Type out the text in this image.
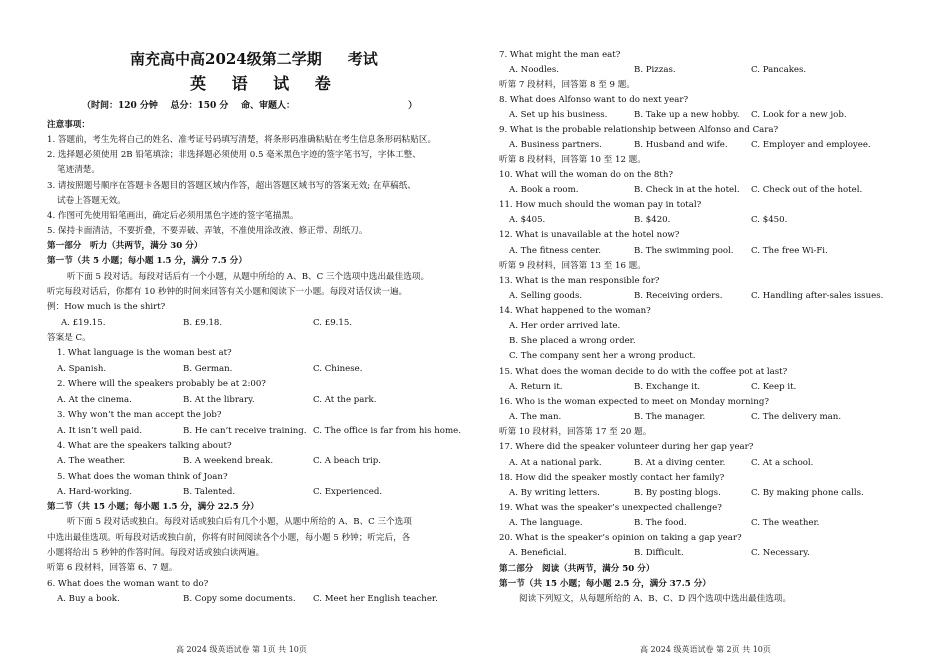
南充高中高2024级第二学期 考试
英 语 试 卷
（时间：120 分钟 总分：150 分 命、审题人：	）
注意事项：
1. 答题前，考生先将自己的姓名、准考证号码填写清楚，将条形码准确粘贴在考生信息条形码粘贴区。
2. 选择题必须使用 2B 铅笔填涂；非选择题必须使用 0.5 毫米黑色字迹的签字笔书写，字体工整、
笔迹清楚。
3. 请按照题号顺序在答题卡各题目的答题区域内作答，超出答题区域书写的答案无效; 在草稿纸、
试卷上答题无效。
4. 作图可先使用铅笔画出，确定后必须用黑色字迹的签字笔描黑。
5. 保持卡面清洁，不要折叠，不要弄破、弄皱，不准使用涂改液、修正带、刮纸刀。
第一部分　听力（共两节，满分 30 分）
第一节（共 5 小题；每小题 1.5 分，满分 7.5 分）
听下面 5 段对话。每段对话后有一个小题，从题中所给的 A、B、C 三个选项中选出最佳选项。
听完每段对话后，你都有 10 秒钟的时间来回答有关小题和阅读下一小题。每段对话仅读一遍。
例：How much is the shirt?
A. £19.15.	B. £9.18.	C. £9.15.
答案是 C。
1. What language is the woman best at?
A. Spanish.	B. German.	C. Chinese.
2. Where will the speakers probably be at 2:00?
A. At the cinema.	B. At the library.	C. At the park.
3. Why won’t the man accept the job?
A. It isn’t well paid.	B. He can’t receive training. C. The office is far from his home.
4. What are the speakers talking about?
A. The weather.	B. A weekend break.	C. A beach trip.
5. What does the woman think of Joan?
A. Hard-working.	B. Talented.	C. Experienced.
第二节（共 15 小题；每小题 1.5 分，满分 22.5 分）
听下面 5 段对话或独白。每段对话或独白后有几个小题，从题中所给的 A、B、C 三个选项
中选出最佳选项。听每段对话或独白前，你将有时间阅读各个小题，每小题 5 秒钟；听完后，各
小题将给出 5 秒钟的作答时间。每段对话或独白读两遍。
听第 6 段材料，回答第 6、7 题。
6. What does the woman want to do?
A. Buy a book.	B. Copy some documents. C. Meet her English teacher.
高 2024 级英语试卷 第 1页 共 10页
7. What might the man eat?
A. Noodles.	B. Pizzas.	C. Pancakes.
听第 7 段材料，回答第 8 至 9 题。
8. What does Alfonso want to do next year?
A. Set up his business.	B. Take up a new hobby. C. Look for a new job.
9. What is the probable relationship between Alfonso and Cara?
A. Business partners.	B. Husband and wife.	C. Employer and employee.
听第 8 段材料，回答第 10 至 12 题。
10. What will the woman do on the 8th?
A. Book a room.	B. Check in at the hotel. C. Check out of the hotel.
11. How much should the woman pay in total?
A. $405.	B. $420.	C. $450.
12. What is unavailable at the hotel now?
A. The fitness center.	B. The swimming pool. C. The free Wi-Fi.
听第 9 段材料，回答第 13 至 16 题。
13. What is the man responsible for?
A. Selling goods.	B. Receiving orders.	C. Handling after-sales issues.
14. What happened to the woman?
A. Her order arrived late.
B. She placed a wrong order.
C. The company sent her a wrong product.
15. What does the woman decide to do with the coffee pot at last?
A. Return it.	B. Exchange it.	C. Keep it.
16. Who is the woman expected to meet on Monday morning?
A. The man.	B. The manager.	C. The delivery man.
听第 10 段材料，回答第 17 至 20 题。
17. Where did the speaker volunteer during her gap year?
A. At a national park.	B. At a diving center.	C. At a school.
18. How did the speaker mostly contact her family?
A. By writing letters.	B. By posting blogs.	C. By making phone calls.
19. What was the speaker’s unexpected challenge?
A. The language.	B. The food.	C. The weather.
20. What is the speaker’s opinion on taking a gap year?
A. Beneficial.	B. Difficult.	C. Necessary.
第二部分　阅读（共两节，满分 50 分）
第一节（共 15 小题；每小题 2.5 分，满分 37.5 分）
阅读下列短文，从每题所给的 A、B、C、D 四个选项中选出最佳选项。
高 2024 级英语试卷 第 2页 共 10页
